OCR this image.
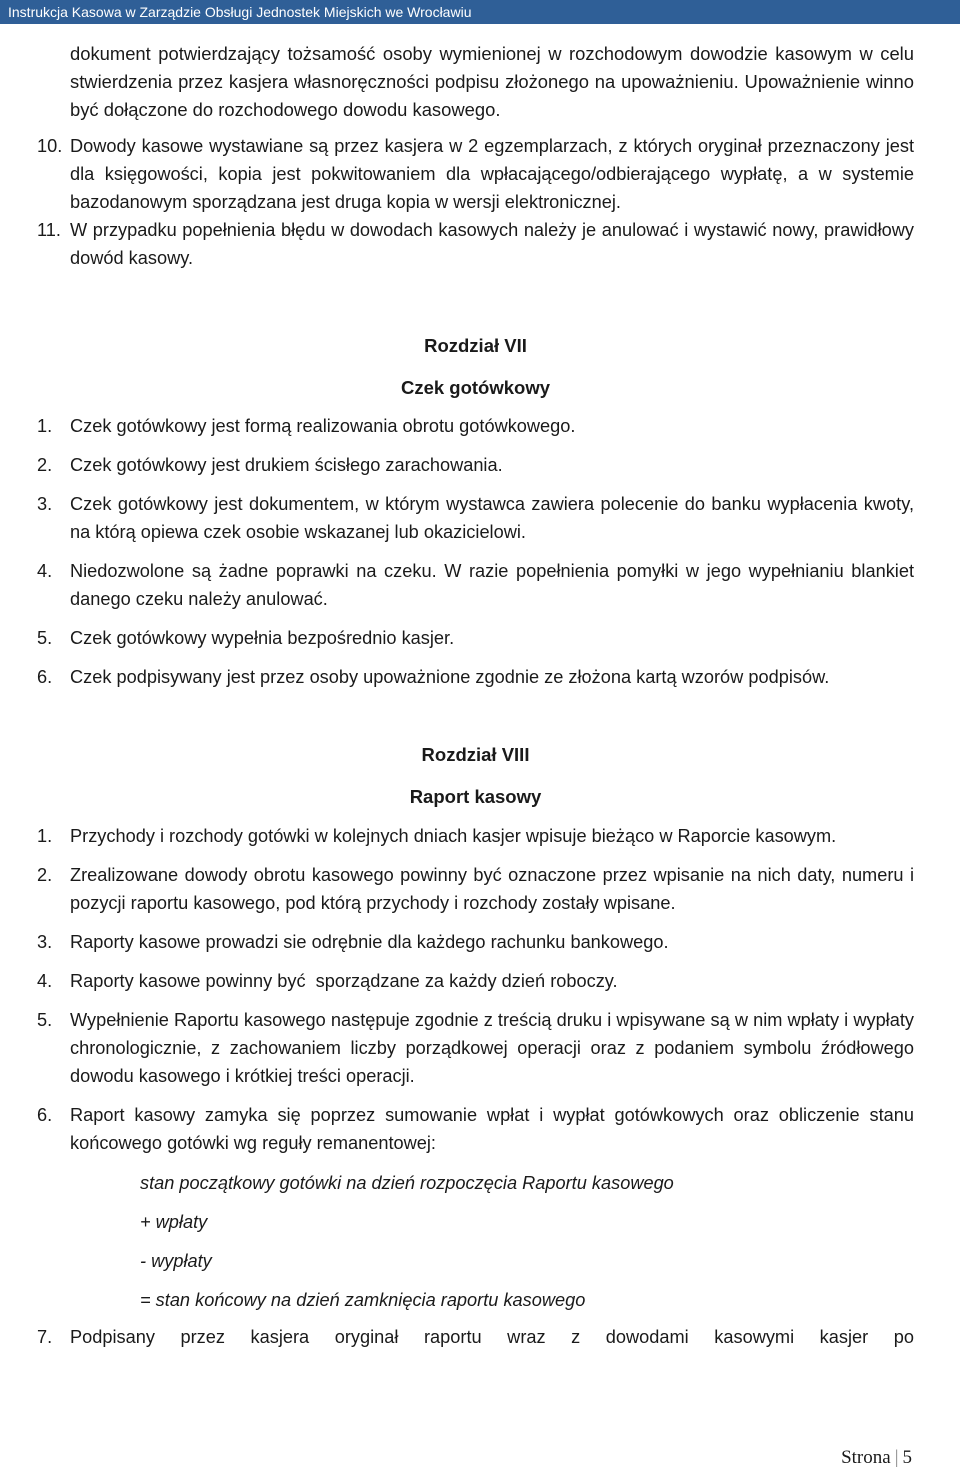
Instrukcja Kasowa w Zarządzie Obsługi Jednostek Miejskich we Wrocławiu
dokument potwierdzający tożsamość osoby wymienionej w rozchodowym dowodzie kasowym w celu stwierdzenia przez kasjera własnoręczności podpisu złożonego na upoważnieniu. Upoważnienie winno być dołączone do rozchodowego dowodu kasowego.
10. Dowody kasowe wystawiane są przez kasjera w 2 egzemplarzach, z których oryginał przeznaczony jest dla księgowości, kopia jest pokwitowaniem dla wpłacającego/odbierającego wypłatę, a w systemie bazodanowym sporządzana jest druga kopia w wersji elektronicznej.
11. W przypadku popełnienia błędu w dowodach kasowych należy je anulować i wystawić nowy, prawidłowy dowód kasowy.
Rozdział VII
Czek gotówkowy
1. Czek gotówkowy jest formą realizowania obrotu gotówkowego.
2. Czek gotówkowy jest drukiem ścisłego zarachowania.
3. Czek gotówkowy jest dokumentem, w którym wystawca zawiera polecenie do banku wypłacenia kwoty, na którą opiewa czek osobie wskazanej lub okazicielowi.
4. Niedozwolone są żadne poprawki na czeku. W razie popełnienia pomyłki w jego wypełnianiu blankiet danego czeku należy anulować.
5. Czek gotówkowy wypełnia bezpośrednio kasjer.
6. Czek podpisywany jest przez osoby upoważnione zgodnie ze złożona kartą wzorów podpisów.
Rozdział VIII
Raport kasowy
1. Przychody i rozchody gotówki w kolejnych dniach kasjer wpisuje bieżąco w Raporcie kasowym.
2. Zrealizowane dowody obrotu kasowego powinny być oznaczone przez wpisanie na nich daty, numeru i pozycji raportu kasowego, pod którą przychody i rozchody zostały wpisane.
3. Raporty kasowe prowadzi sie odrębnie dla każdego rachunku bankowego.
4. Raporty kasowe powinny być  sporządzane za każdy dzień roboczy.
5. Wypełnienie Raportu kasowego następuje zgodnie z treścią druku i wpisywane są w nim wpłaty i wypłaty chronologicznie, z zachowaniem liczby porządkowej operacji oraz z podaniem symbolu źródłowego dowodu kasowego i krótkiej treści operacji.
6. Raport kasowy zamyka się poprzez sumowanie wpłat i wypłat gotówkowych oraz obliczenie stanu końcowego gotówki wg reguły remanentowej:
stan początkowy gotówki na dzień rozpoczęcia Raportu kasowego
+ wpłaty
- wypłaty
= stan końcowy na dzień zamknięcia raportu kasowego
7. Podpisany przez kasjera oryginał raportu wraz z dowodami kasowymi kasjer po
Strona | 5
